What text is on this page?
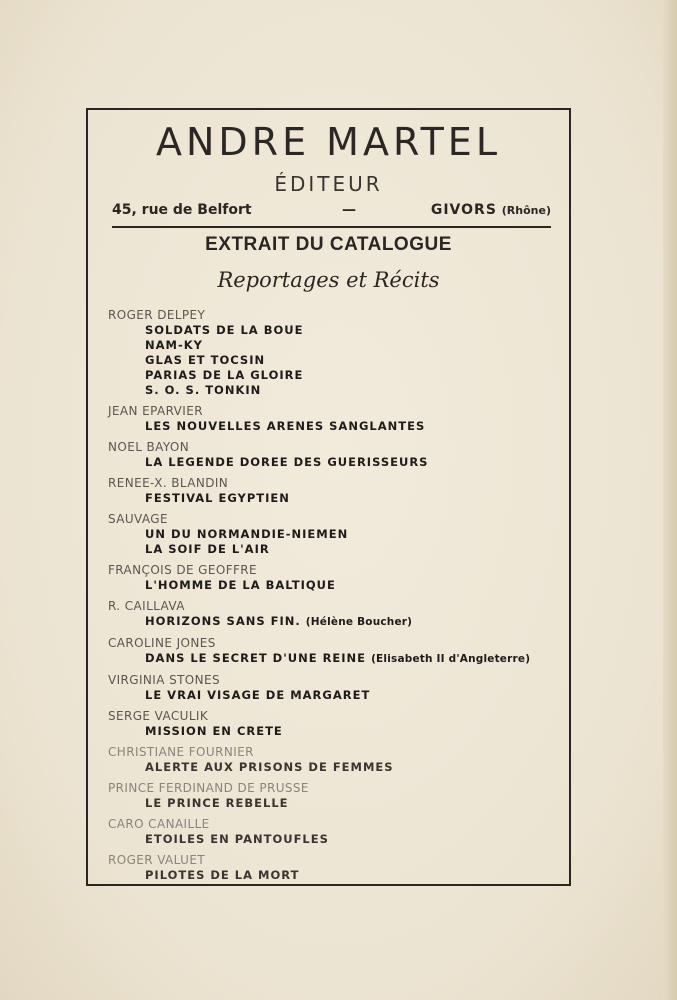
ANDRE MARTEL
ÉDITEUR
45, rue de Belfort	—	GIVORS (Rhône)
EXTRAIT DU CATALOGUE
Reportages et Récits
ROGER DELPEY
SOLDATS DE LA BOUE
NAM-KY
GLAS ET TOCSIN
PARIAS DE LA GLOIRE
S. O. S. TONKIN
JEAN EPARVIER
LES NOUVELLES ARENES SANGLANTES
NOEL BAYON
LA LEGENDE DOREE DES GUERISSEURS
RENEE-X. BLANDIN
FESTIVAL EGYPTIEN
SAUVAGE
UN DU NORMANDIE-NIEMEN
LA SOIF DE L'AIR
FRANÇOIS DE GEOFFRE
L'HOMME DE LA BALTIQUE
R. CAILLAVA
HORIZONS SANS FIN. (Hélène Boucher)
CAROLINE JONES
DANS LE SECRET D'UNE REINE (Elisabeth II d'Angleterre)
VIRGINIA STONES
LE VRAI VISAGE DE MARGARET
SERGE VACULIK
MISSION EN CRETE
CHRISTIANE FOURNIER
ALERTE AUX PRISONS DE FEMMES
PRINCE FERDINAND DE PRUSSE
LE PRINCE REBELLE
CARO CANAILLE
ETOILES EN PANTOUFLES
ROGER VALUET
PILOTES DE LA MORT
